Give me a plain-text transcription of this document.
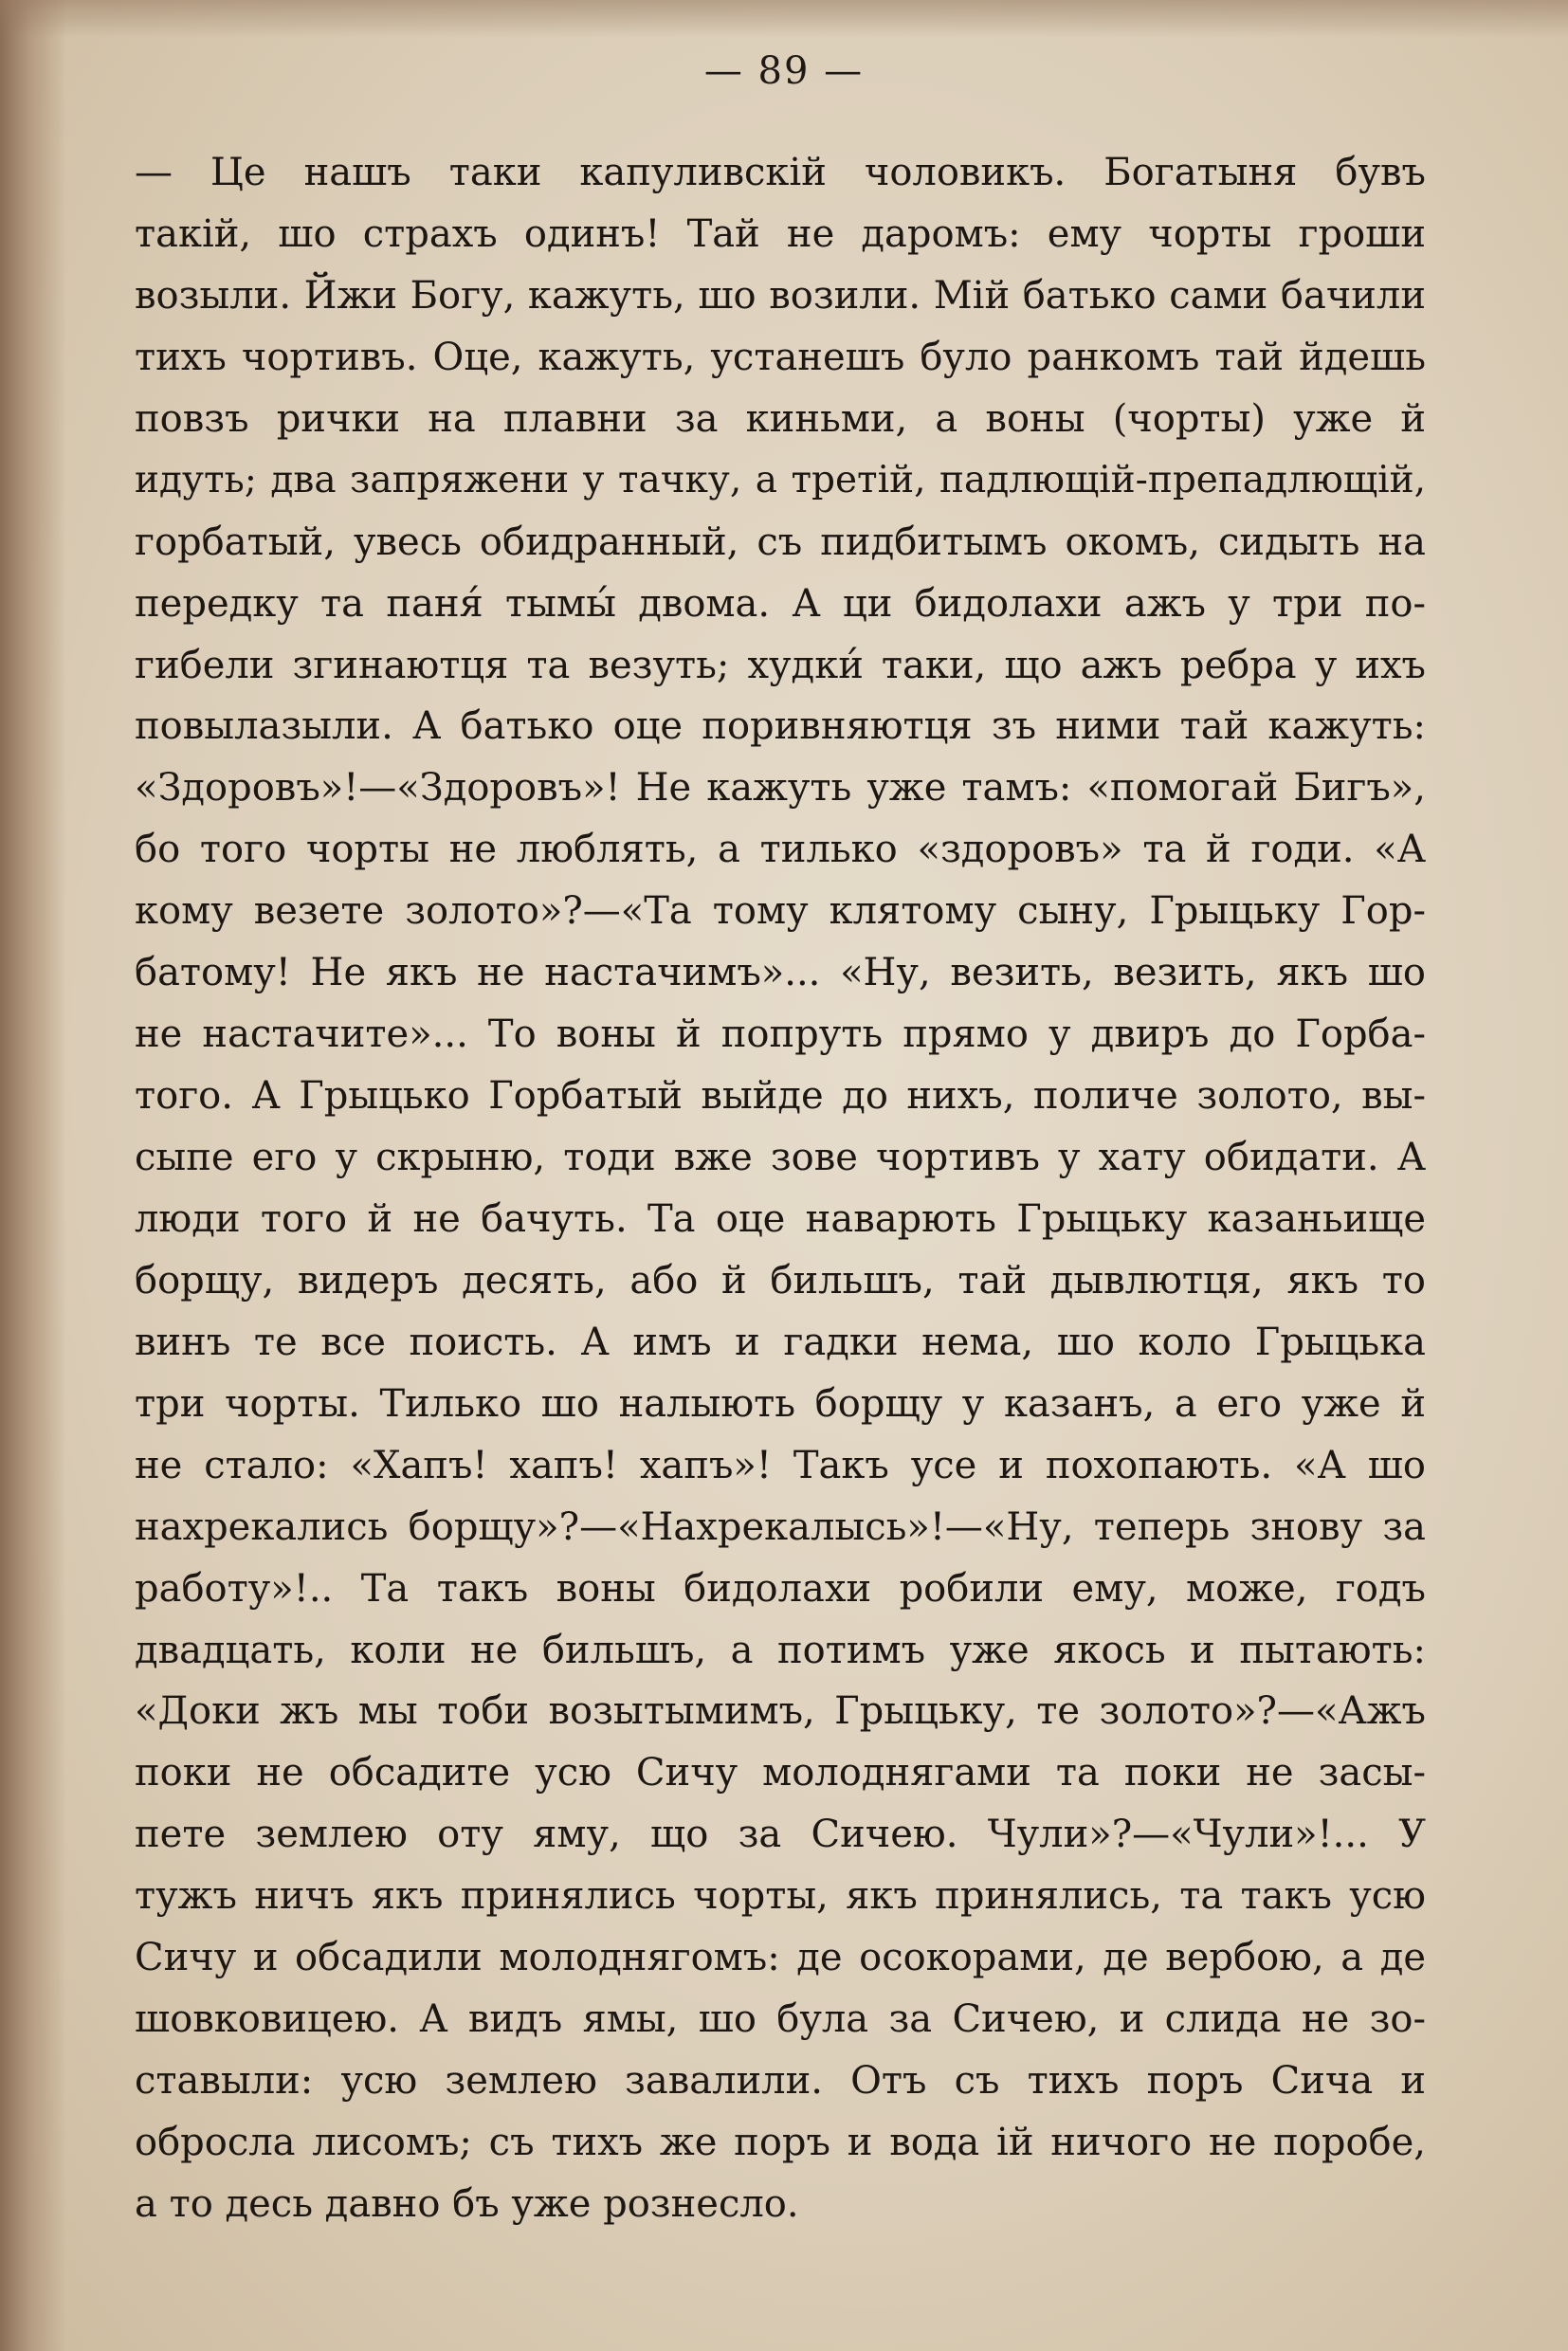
— 89 —
— Це нашъ таки капуливскій чоловикъ. Богатыня бувъ
такій, шо страхъ одинъ! Тай не даромъ: ему чорты гроши
возыли. Йжи Богу, кажуть, шо возили. Мій батько сами бачили
тихъ чортивъ. Оце, кажуть, устанешъ було ранкомъ тай йдешь
повзъ рички на плавни за киньми, а воны (чорты) уже й
идуть; два запряжени у тачку, а третій, падлющій-препадлющій,
горбатый, увесь обидранный, съ пидбитымъ окомъ, сидыть на
передку та паня́ тымы́ двома. А ци бидолахи ажъ у три по-
гибели згинаютця та везуть; худки́ таки, що ажъ ребра у ихъ
повылазыли. А батько оце поривняютця зъ ними тай кажуть:
«Здоровъ»!—«Здоровъ»! Не кажуть уже тамъ: «помогай Бигъ»,
бо того чорты не люблять, а тилько «здоровъ» та й годи. «А
кому везете золото»?—«Та тому клятому сыну, Грыцьку Гор-
батому! Не якъ не настачимъ»... «Ну, везить, везить, якъ шо
не настачите»... То воны й попруть прямо у двиръ до Горба-
того. А Грыцько Горбатый выйде до нихъ, поличе золото, вы-
сыпе его у скрыню, тоди вже зове чортивъ у хату обидати. А
люди того й не бачуть. Та оце наварють Грыцьку казаньище
борщу, видеръ десять, або й бильшъ, тай дывлютця, якъ то
винъ те все поисть. А имъ и гадки нема, шо коло Грыцька
три чорты. Тилько шо налыють борщу у казанъ, а его уже й
не стало: «Хапъ! хапъ! хапъ»! Такъ усе и похопають. «А шо
нахрекались борщу»?—«Нахрекалысь»!—«Ну, теперь знову за
работу»!.. Та такъ воны бидолахи робили ему, може, годъ
двадцать, коли не бильшъ, а потимъ уже якось и пытають:
«Доки жъ мы тоби возытымимъ, Грыцьку, те золото»?—«Ажъ
поки не обсадите усю Сичу молоднягами та поки не засы-
пете землею оту яму, що за Сичею. Чули»?—«Чули»!... У
тужъ ничъ якъ принялись чорты, якъ принялись, та такъ усю
Сичу и обсадили молоднягомъ: де осокорами, де вербою, а де
шовковицею. А видъ ямы, шо була за Сичею, и слида не зо-
ставыли: усю землею завалили. Отъ съ тихъ поръ Сича и
обросла лисомъ; съ тихъ же поръ и вода ій ничого не поробе,
а то десь давно бъ уже рознесло.
